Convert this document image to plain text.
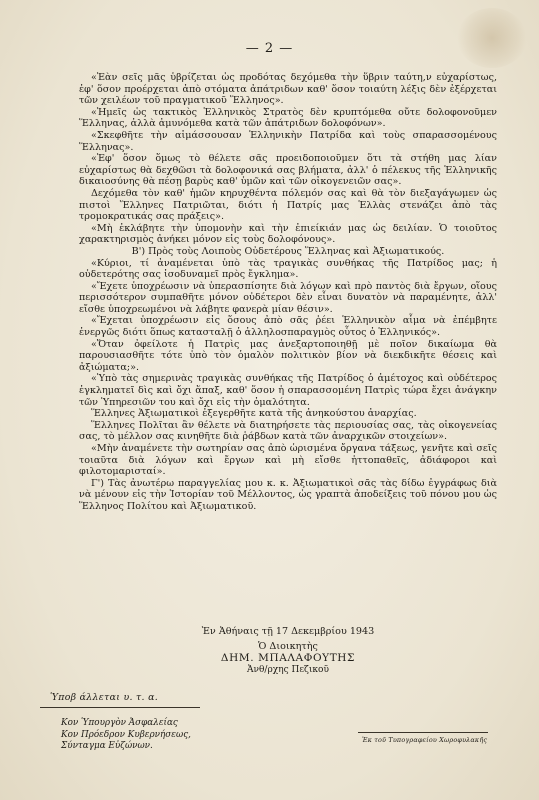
— 2 —

«Ἐὰν σεῖς μᾶς ὑβρίζεται ὡς προδότας δεχόμεθα τὴν ὕβριν ταύτη,ν εὐχαρίστως, ἐφ' ὅσον προέρχεται ἀπὸ στόματα ἀπάτριδων καθ' ὅσον τοιαύτη λέξις δὲν ἐξέρχεται τῶν χειλέων τοῦ πραγματικοῦ Ἕλληνος».

«Ἡμεῖς ὡς τακτικὸς Ἑλληνικὸς Στρατὸς δὲν κρυπτόμεθα οὔτε δολοφονοῦμεν Ἕλληνας, ἀλλὰ ἀμυνόμεθα κατὰ τῶν ἀπάτριδων δολοφόνων».

«Σκεφθῆτε τὴν αἱμάσσουσαν Ἑλληνικὴν Πατρίδα καὶ τοὺς σπαρασσομένους Ἕλληνας».

«Ἐφ' ὅσον ὅμως τὸ θέλετε σᾶς προειδοποιοῦμεν ὅτι τὰ στήθη μας λίαν εὐχαρίστως θὰ δεχθῶσι τὰ δολοφονικά σας βλήματα, ἀλλ' ὁ πέλεκυς τῆς Ἑλληνικῆς δικαιοσύνης θὰ πέσῃ βαρὺς καθ' ὑμῶν καὶ τῶν οἰκογενειῶν σας».

Δεχόμεθα τὸν καθ' ἡμῶν κηρυχθέντα πόλεμόν σας καὶ θὰ τὸν διεξαγάγωμεν ὡς πιστοὶ Ἕλληνες Πατριῶται, διότι ἡ Πατρίς μας Ἑλλὰς στενάζει ἀπὸ τὰς τρομοκρατικάς σας πράξεις».

«Μὴ ἐκλάβητε τὴν ὑπομονὴν καὶ τὴν ἐπιείκιάν μας ὡς δειλίαν. Ὁ τοιοῦτος χαρακτηρισμὸς ἀνήκει μόνον εἰς τοὺς δολοφόνους».

Β') Πρὸς τοὺς Λοιποὺς Οὐδετέρους Ἕλληνας καὶ Ἀξιωματικούς.

«Κύριοι, τί ἀναμένεται ὑπὸ τὰς τραγικὰς συνθήκας τῆς Πατρίδος μας; ἡ οὐδετερότης σας ἰσοδυναμεῖ πρὸς ἔγκλημα».

«Ἔχετε ὑποχρέωσιν νὰ ὑπερασπίσητε διὰ λόγων καὶ πρὸ παντὸς διὰ ἔργων, οἵους περισσότερον συμπαθῆτε μόνον οὐδέτεροι δὲν εἶναι δυνατὸν νὰ παραμένητε, ἀλλ' εἴσθε ὑποχρεωμένοι νὰ λάβητε φανερὰ μίαν θέσιν».

«Ἔχεται ὑποχρέωσιν εἰς ὅσους ἀπὸ σᾶς ῥέει Ἑλληνικὸν αἷμα νὰ ἐπέμβητε ἐνεργῶς διότι ὅπως κατασταλῇ ὁ ἀλληλοσπαραγμὸς οὗτος ὁ Ἑλληνικός».

«Ὅταν ὀφείλοτε ἡ Πατρὶς μας ἀνεξαρτοποιηθῇ μὲ ποῖον δικαίωμα θὰ παρουσιασθῆτε τότε ὑπὸ τὸν ὁμαλὸν πολιτικὸν βίον νὰ διεκδικῆτε θέσεις καὶ ἀξιώματα;».

«Ὑπὸ τὰς σημερινὰς τραγικὰς συνθήκας τῆς Πατρίδος ὁ ἀμέτοχος καὶ οὐδέτερος ἐγκληματεῖ δὶς καὶ ὄχι ἅπαξ, καθ' ὅσον ἡ σπαρασσομένη Πατρὶς τώρα ἔχει ἀνάγκην τῶν Ὑπηρεσιῶν του καὶ ὄχι εἰς τὴν ὁμαλότητα.

Ἕλληνες Ἀξιωματικοὶ ἐξεγερθῆτε κατὰ τῆς ἀνηκούστου ἀναρχίας.

Ἕλληνες Πολῖται ἂν θέλετε νὰ διατηρήσετε τὰς περιουσίας σας, τὰς οἰκογενείας σας, τὸ μέλλον σας κινηθῆτε διὰ ῥάβδων κατὰ τῶν ἀναρχικῶν στοιχείων».

«Μὴν ἀναμένετε τὴν σωτηρίαν σας ἀπὸ ὡρισμένα ὄργανα τάξεως, γενῆτε καὶ σεῖς τοιαῦτα διὰ λόγων καὶ ἔργων καὶ μὴ εἴσθε ἡττοπαθεῖς, ἀδιάφοροι καὶ φιλοτομαρισταί».

Γ') Τὰς ἀνωτέρω παραγγελίας μου κ. κ. Ἀξιωματικοὶ σᾶς τὰς δίδω ἐγγράφως διὰ νὰ μένουν εἰς τὴν Ἱστορίαν τοῦ Μέλλοντος, ὡς γραπτὰ ἀποδείξεις τοῦ πόνου μου ὡς Ἕλληνος Πολίτου καὶ Ἀξιωματικοῦ.

Ἐν Ἀθήναις τῇ 17 Δεκεμβρίου 1943
Ὁ Διοικητὴς
ΔΗΜ. ΜΠΑΛΑΦΟΥΤΗΣ
Ἀνθ/ρχης Πεζικοῦ
Ὑποβ άλλεται υ. τ. α.
Κον Ὑπουργὸν Ἀσφαλείας
Κον Πρόεδρον Κυβερνήσεως,
Σύνταγμα Εὐζώνων.
Ἐκ τοῦ Τυπογραφείου Χωροφυλακῆς
